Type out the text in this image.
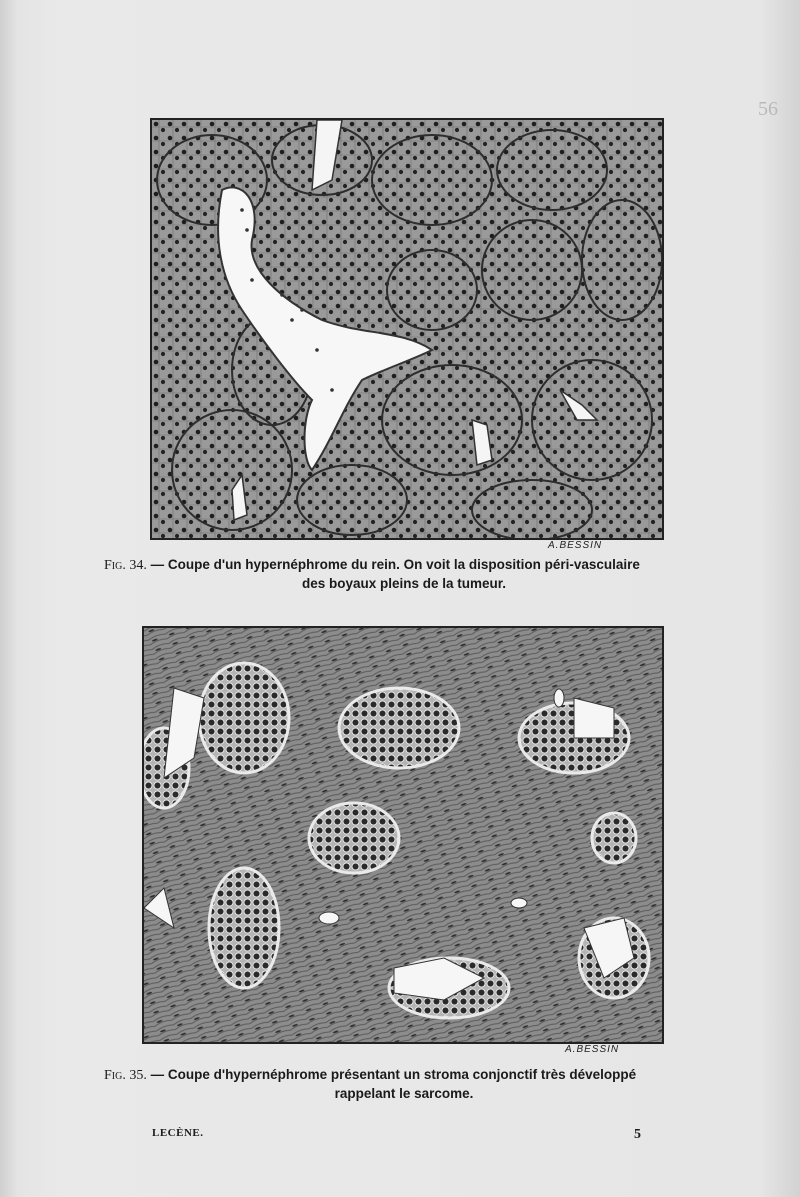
56
A.BESSIN
Fig. 34. — Coupe d'un hypernéphrome du rein. On voit la disposition péri-vasculaire
des boyaux pleins de la tumeur.
A.BESSIN
Fig. 35. — Coupe d'hypernéphrome présentant un stroma conjonctif très développé
rappelant le sarcome.
LECÈNE.	5
